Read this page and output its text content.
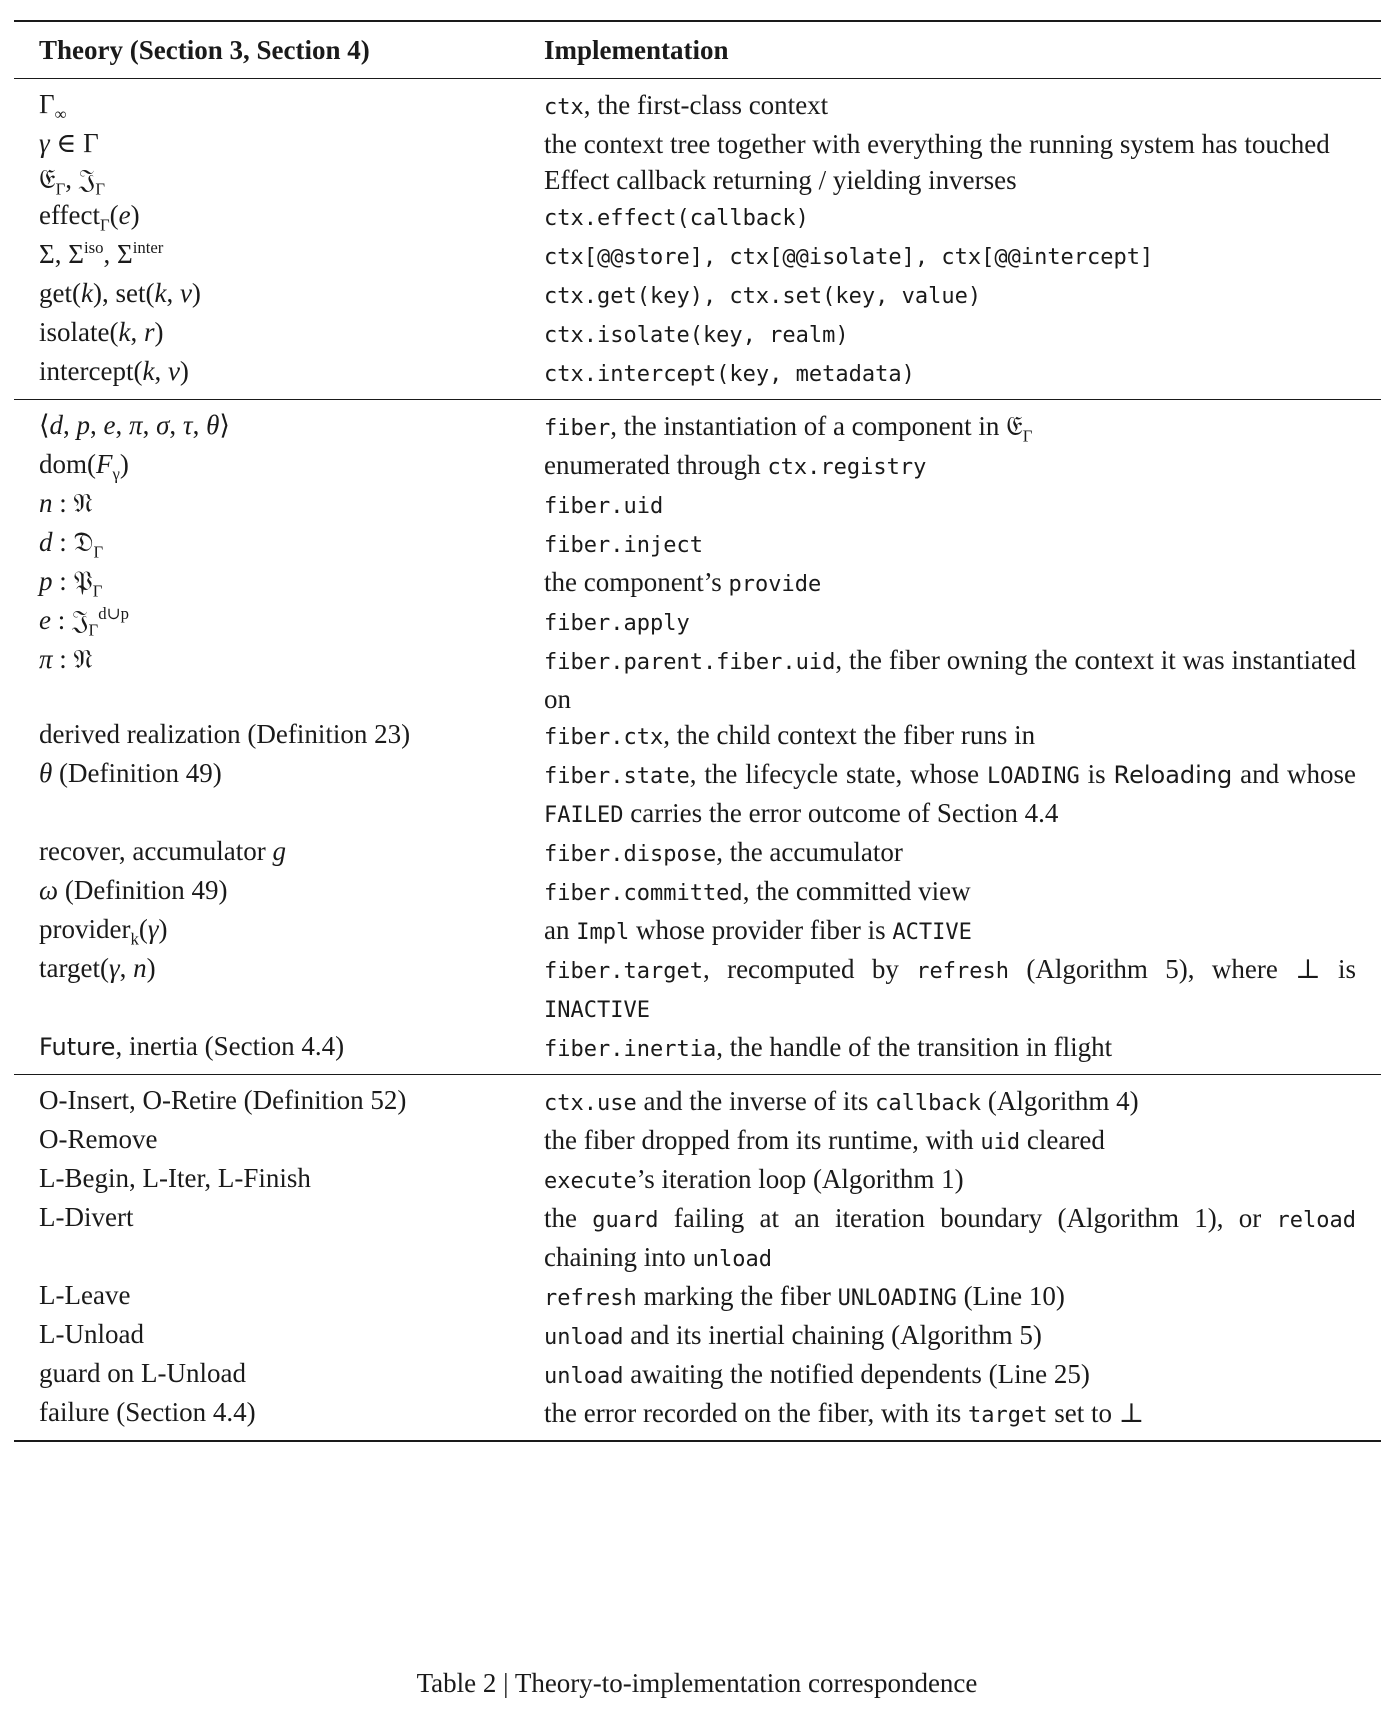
Theory (Section 3, Section 4)	Implementation
$\Gamma_\infty$	ctx, the first-class context
γ ∈ Γ	the context tree together with everything the running system has touched
𝔈$_\Gamma$, 𝔍$_\Gamma$	Effect callback returning / yielding inverses
effect$_\Gamma$(e)	ctx.effect(callback)
Σ, $\Sigma^{iso}$, $\Sigma^{inter}$	ctx[@@store], ctx[@@isolate], ctx[@@intercept]
get(k), set(k, v)	ctx.get(key), ctx.set(key, value)
isolate(k, r)	ctx.isolate(key, realm)
intercept(k, ν)	ctx.intercept(key, metadata)
⟨d, p, e, π, σ, τ, θ⟩	fiber, the instantiation of a component in 𝔈$_\Gamma$
$dom(F_\gamma)$	enumerated through ctx.registry
n : 𝔑	fiber.uid
d : 𝔇$_\Gamma$	fiber.inject
p : 𝔓$_\Gamma$	the component’s provide
e : 𝔍$_\Gamma^{d\cup p}$	fiber.apply
π : 𝔑	fiber.parent.fiber.uid, the fiber owning the context it was instantiated on
derived realization (Definition 23)	fiber.ctx, the child context the fiber runs in
θ (Definition 49)	fiber.state, the lifecycle state, whose LOADING is Reloading and whose FAILED carries the error outcome of Section 4.4
recover, accumulator g	fiber.dispose, the accumulator
ω (Definition 49)	fiber.committed, the committed view
provider$_k$(γ)	an Impl whose provider fiber is ACTIVE
target(γ, n)	fiber.target, recomputed by refresh (Algorithm 5), where ⊥ is INACTIVE
Future, inertia (Section 4.4)	fiber.inertia, the handle of the transition in flight
O-Insert, O-Retire (Definition 52)	ctx.use and the inverse of its callback (Algorithm 4)
O-Remove	the fiber dropped from its runtime, with uid cleared
L-Begin, L-Iter, L-Finish	execute’s iteration loop (Algorithm 1)
L-Divert	the guard failing at an iteration boundary (Algorithm 1), or reload chaining into unload
L-Leave	refresh marking the fiber UNLOADING (Line 10)
L-Unload	unload and its inertial chaining (Algorithm 5)
guard on L-Unload	unload awaiting the notified dependents (Line 25)
failure (Section 4.4)	the error recorded on the fiber, with its target set to ⊥
Table 2 | Theory-to-implementation correspondence
